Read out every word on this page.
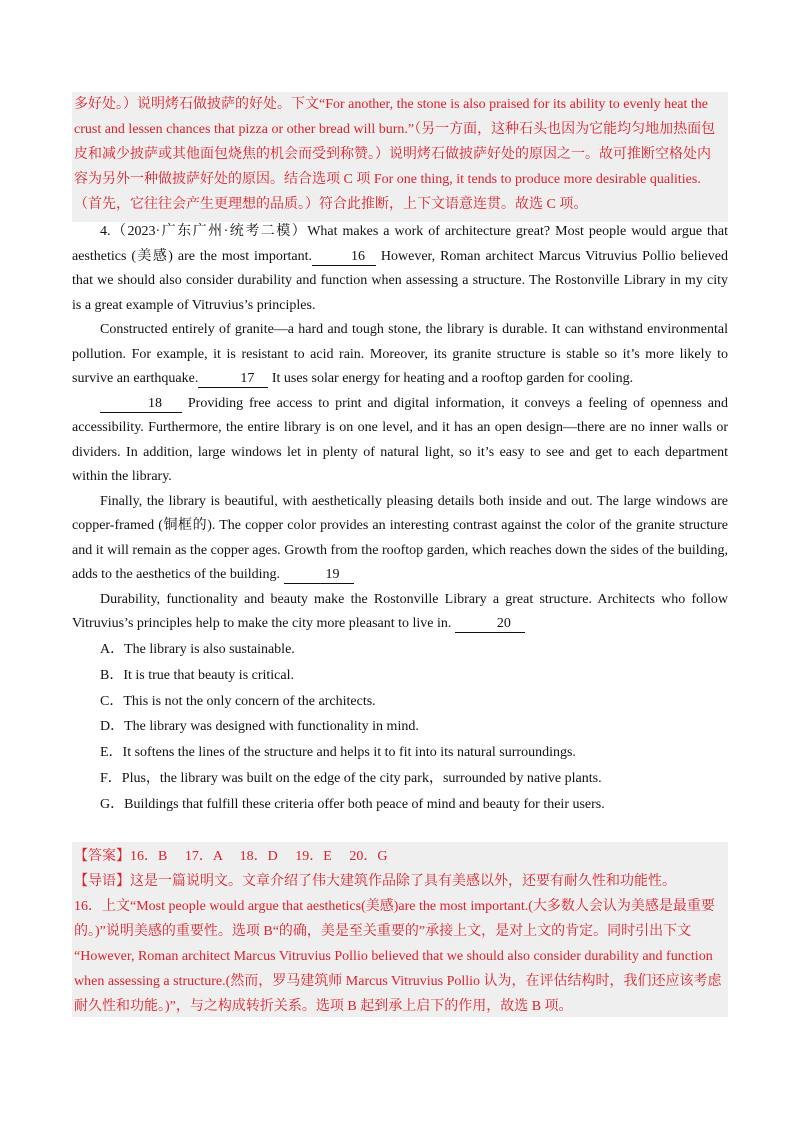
多好处。）说明烤石做披萨的好处。下文“For another, the stone is also praised for its ability to evenly heat the

crust and lessen chances that pizza or other bread will burn.”（另一方面，这种石头也因为它能均匀地加热面包

皮和减少披萨或其他面包烧焦的机会而受到称赞。）说明烤石做披萨好处的原因之一。故可推断空格处内

容为另外一种做披萨好处的原因。结合选项 C 项 For one thing, it tends to produce more desirable qualities.

（首先，它往往会产生更理想的品质。）符合此推断，上下文语意连贯。故选 C 项。

4.（2023·广东广州·统考二模）What makes a work of architecture great? Most people would argue that aesthetics (美感) are the most important.	16 However, Roman architect Marcus Vitruvius Pollio believed that we should also consider durability and function when assessing a structure. The Rostonville Library in my city is a great example of Vitruvius’s principles.

Constructed entirely of granite—a hard and tough stone, the library is durable. It can withstand environmental pollution. For example, it is resistant to acid rain. Moreover, its granite structure is stable so it’s more likely to survive an earthquake.	17 It uses solar energy for heating and a rooftop garden for cooling.

18 Providing free access to print and digital information, it conveys a feeling of openness and accessibility. Furthermore, the entire library is on one level, and it has an open design—there are no inner walls or dividers. In addition, large windows let in plenty of natural light, so it’s easy to see and get to each department within the library.

Finally, the library is beautiful, with aesthetically pleasing details both inside and out. The large windows are copper-framed (铜框的). The copper color provides an interesting contrast against the color of the granite structure and it will remain as the copper ages. Growth from the rooftop garden, which reaches down the sides of the building, adds to the aesthetics of the building.	19

Durability, functionality and beauty make the Rostonville Library a great structure. Architects who follow Vitruvius’s principles help to make the city more pleasant to live in.	20

A．The library is also sustainable.
B．It is true that beauty is critical.
C．This is not the only concern of the architects.
D．The library was designed with functionality in mind.
E．It softens the lines of the structure and helps it to fit into its natural surroundings.
F．Plus，the library was built on the edge of the city park，surrounded by native plants.
G．Buildings that fulfill these criteria offer both peace of mind and beauty for their users.

【答案】16．B　 17．A　 18．D　 19．E　 20．G

【导语】这是一篇说明文。文章介绍了伟大建筑作品除了具有美感以外，还要有耐久性和功能性。

16．上文“Most people would argue that aesthetics(美感)are the most important.(大多数人会认为美感是最重要

的。)”说明美感的重要性。选项 B“的确，美是至关重要的”承接上文，是对上文的肯定。同时引出下文

“However, Roman architect Marcus Vitruvius Pollio believed that we should also consider durability and function

when assessing a structure.(然而，罗马建筑师 Marcus Vitruvius Pollio 认为，在评估结构时，我们还应该考虑

耐久性和功能。)”，与之构成转折关系。选项 B 起到承上启下的作用，故选 B 项。
